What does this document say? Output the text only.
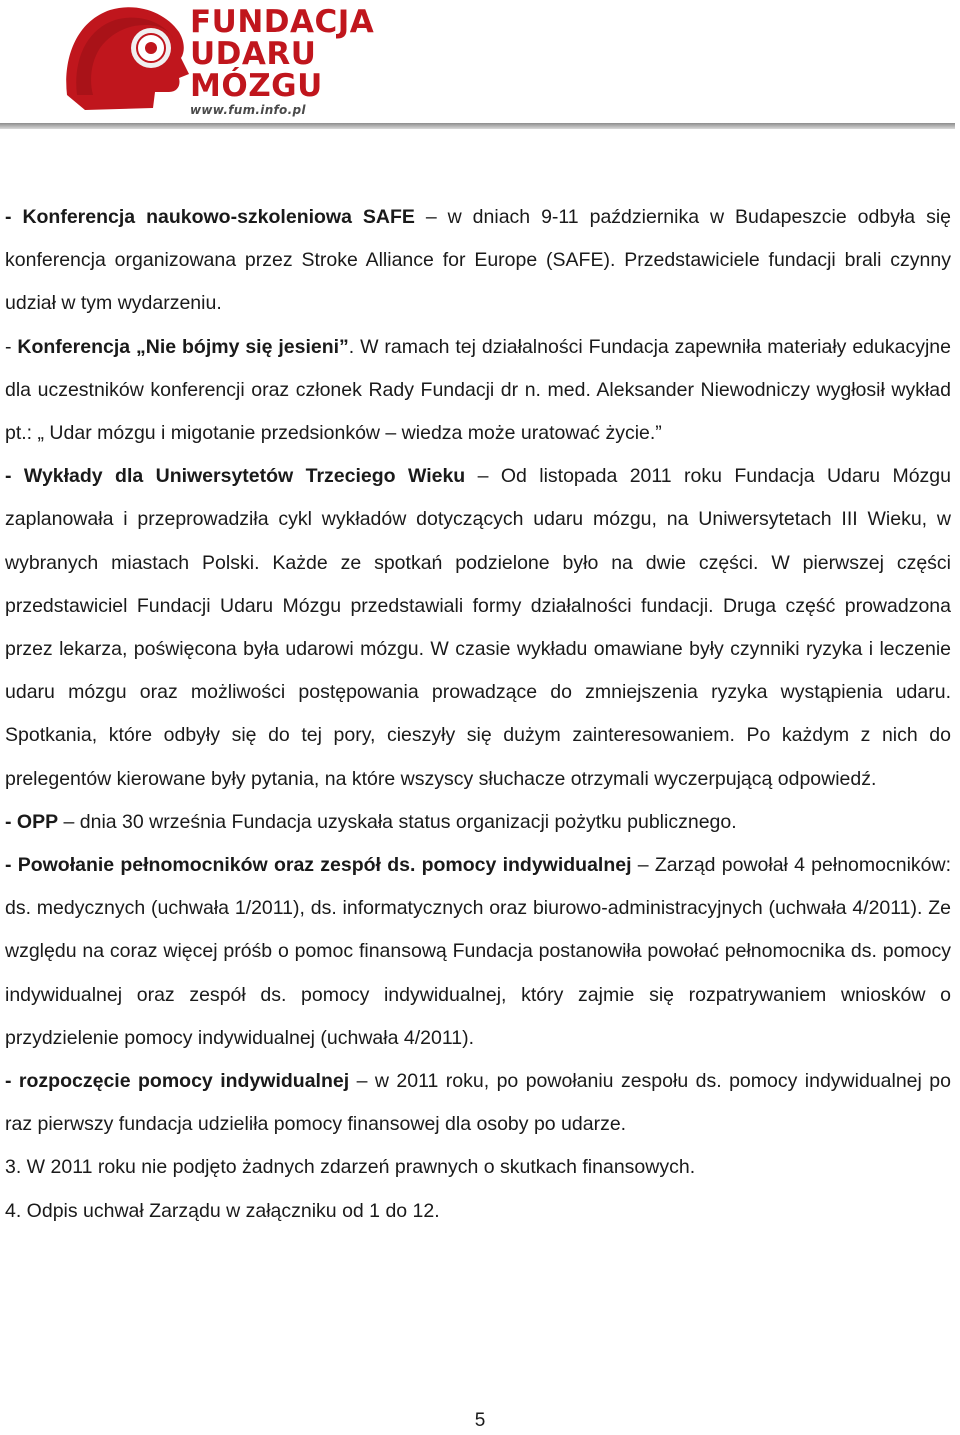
FUNDACJA
UDARU
MÓZGU
www.fum.info.pl

- Konferencja naukowo-szkoleniowa SAFE – w dniach 9-11 października w Budapeszcie odbyła się konferencja organizowana przez Stroke Alliance for Europe (SAFE). Przedstawiciele fundacji brali czynny udział w tym wydarzeniu.

- Konferencja „Nie bójmy się jesieni”. W ramach tej działalności Fundacja zapewniła materiały edukacyjne dla uczestników konferencji oraz członek Rady Fundacji dr n. med. Aleksander Niewodniczy wygłosił wykład pt.: „ Udar mózgu i migotanie przedsionków – wiedza może uratować życie.”

- Wykłady dla Uniwersytetów Trzeciego Wieku – Od listopada 2011 roku Fundacja Udaru Mózgu zaplanowała i przeprowadziła cykl wykładów dotyczących udaru mózgu, na Uniwersytetach III Wieku, w wybranych miastach Polski. Każde ze spotkań podzielone było na dwie części. W pierwszej części przedstawiciel Fundacji Udaru Mózgu przedstawiali formy działalności fundacji. Druga część prowadzona przez lekarza, poświęcona była udarowi mózgu. W czasie wykładu omawiane były czynniki ryzyka i leczenie udaru mózgu oraz możliwości postępowania prowadzące do zmniejszenia ryzyka wystąpienia udaru. Spotkania, które odbyły się do tej pory, cieszyły się dużym zainteresowaniem. Po każdym z nich do prelegentów kierowane były pytania, na które wszyscy słuchacze otrzymali wyczerpującą odpowiedź.

- OPP – dnia 30 września Fundacja uzyskała status organizacji pożytku publicznego.

- Powołanie pełnomocników oraz zespół ds. pomocy indywidualnej – Zarząd powołał 4 pełnomocników: ds. medycznych (uchwała 1/2011), ds. informatycznych oraz biurowo-administracyjnych (uchwała 4/2011). Ze względu na coraz więcej próśb o pomoc finansową Fundacja postanowiła powołać pełnomocnika ds. pomocy indywidualnej oraz zespół ds. pomocy indywidualnej, który zajmie się rozpatrywaniem wniosków o przydzielenie pomocy indywidualnej (uchwała 4/2011).

- rozpoczęcie pomocy indywidualnej – w 2011 roku, po powołaniu zespołu ds. pomocy indywidualnej po raz pierwszy fundacja udzieliła pomocy finansowej dla osoby po udarze.

3. W 2011 roku nie podjęto żadnych zdarzeń prawnych o skutkach finansowych.

4. Odpis uchwał Zarządu w załączniku od 1 do 12.

5
